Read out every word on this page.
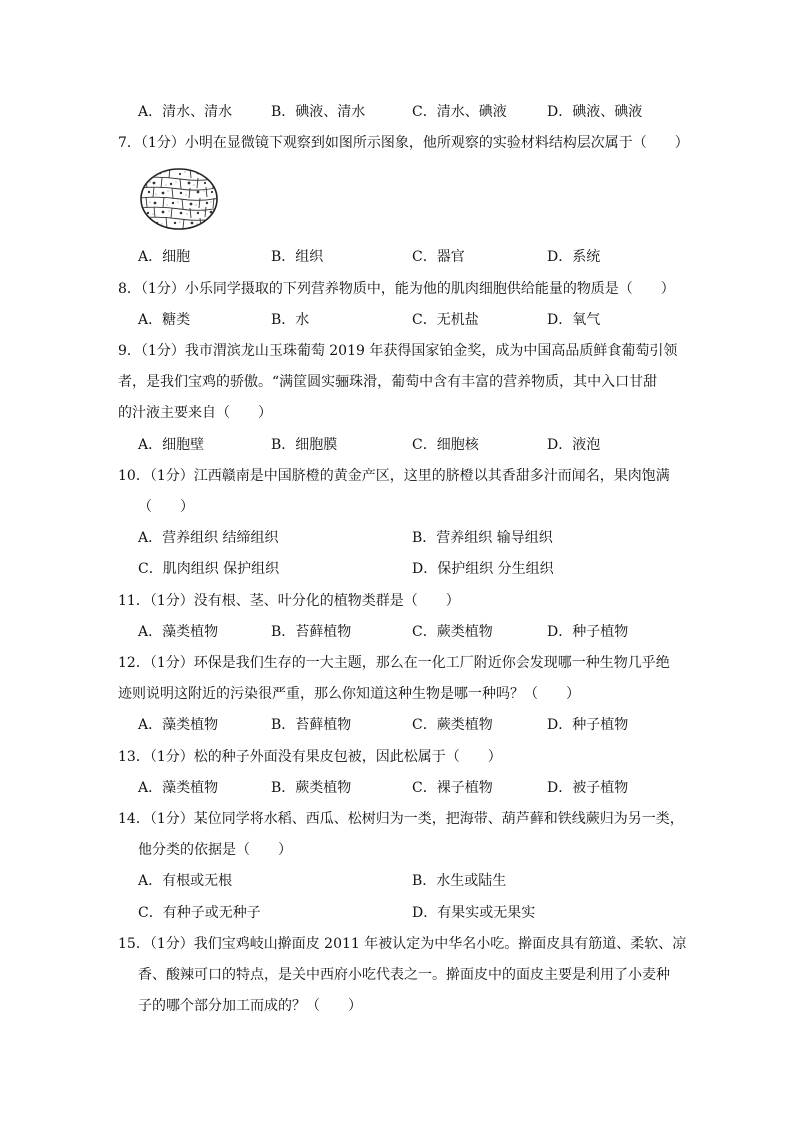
A．清水、清水	B．碘液、清水	C．清水、碘液	D．碘液、碘液
7．（1分）小明在显微镜下观察到如图所示图象，他所观察的实验材料结构层次属于（　　）
A．细胞	B．组织	C．器官	D．系统
8．（1分）小乐同学摄取的下列营养物质中，能为他的肌肉细胞供给能量的物质是（　　）
A．糖类	B．水	C．无机盐	D．氧气
9．（1分）我市渭滨龙山玉珠葡萄 2019 年获得国家铂金奖，成为中国高品质鲜食葡萄引领
者，是我们宝鸡的骄傲。“满筐圆实骊珠滑，葡萄中含有丰富的营养物质，其中入口甘甜
的汁液主要来自（　　）
A．细胞壁	B．细胞膜	C．细胞核	D．液泡
10．（1分）江西赣南是中国脐橙的黄金产区，这里的脐橙以其香甜多汁而闻名，果肉饱满
（　　）
A．营养组织 结缔组织	B．营养组织 输导组织
C．肌肉组织 保护组织	D．保护组织 分生组织
11．（1分）没有根、茎、叶分化的植物类群是（　　）
A．藻类植物	B．苔藓植物	C．蕨类植物	D．种子植物
12．（1分）环保是我们生存的一大主题，那么在一化工厂附近你会发现哪一种生物几乎绝
迹则说明这附近的污染很严重，那么你知道这种生物是哪一种吗？（　　）
A．藻类植物	B．苔藓植物	C．蕨类植物	D．种子植物
13．（1分）松的种子外面没有果皮包被，因此松属于（　　）
A．藻类植物	B．蕨类植物	C．裸子植物	D．被子植物
14．（1分）某位同学将水稻、西瓜、松树归为一类，把海带、葫芦藓和铁线蕨归为另一类，
他分类的依据是（　　）
A．有根或无根	B．水生或陆生
C．有种子或无种子	D．有果实或无果实
15．（1分）我们宝鸡岐山擀面皮 2011 年被认定为中华名小吃。擀面皮具有筋道、柔软、凉
香、酸辣可口的特点，是关中西府小吃代表之一。擀面皮中的面皮主要是利用了小麦种
子的哪个部分加工而成的？（　　）
